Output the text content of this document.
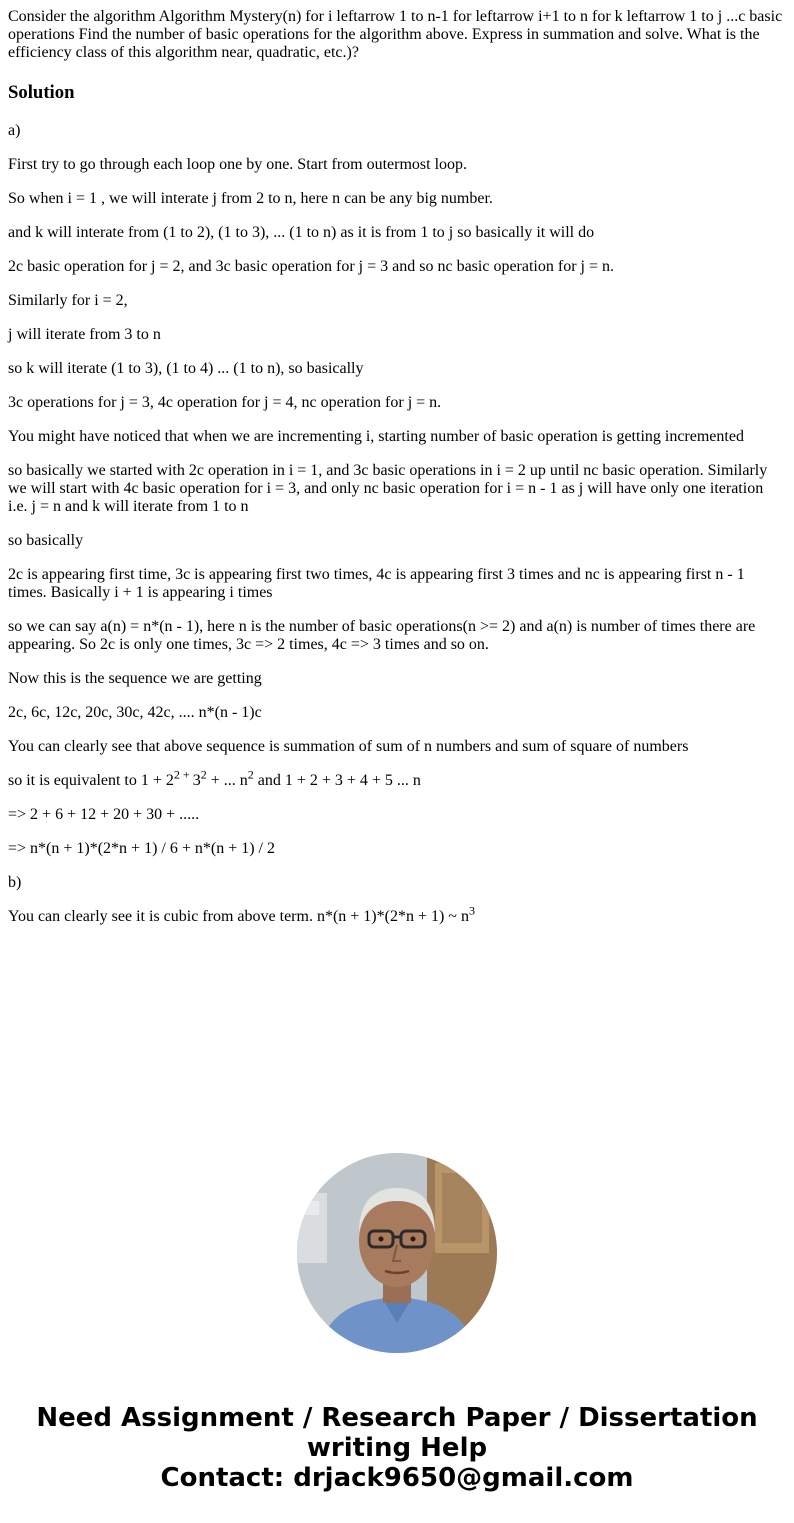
Consider the algorithm Algorithm Mystery(n) for i leftarrow 1 to n-1 for leftarrow i+1 to n for k leftarrow 1 to j ...c basic operations Find the number of basic operations for the algorithm above. Express in summation and solve. What is the efficiency class of this algorithm near, quadratic, etc.)?
Solution

a)

First try to go through each loop one by one. Start from outermost loop.

So when i = 1 , we will interate j from 2 to n, here n can be any big number.

and k will interate from (1 to 2), (1 to 3), ... (1 to n) as it is from 1 to j so basically it will do

2c basic operation for j = 2, and 3c basic operation for j = 3 and so nc basic operation for j = n.

Similarly for i = 2,

j will iterate from 3 to n

so k will iterate (1 to 3), (1 to 4) ... (1 to n), so basically

3c operations for j = 3, 4c operation for j = 4, nc operation for j = n.

You might have noticed that when we are incrementing i, starting number of basic operation is getting incremented

so basically we started with 2c operation in i = 1, and 3c basic operations in i = 2 up until nc basic operation. Similarly we will start with 4c basic operation for i = 3, and only nc basic operation for i = n - 1 as j will have only one iteration i.e. j = n and k will iterate from 1 to n

so basically

2c is appearing first time, 3c is appearing first two times, 4c is appearing first 3 times and nc is appearing first n - 1 times. Basically i + 1 is appearing i times

so we can say a(n) = n*(n - 1), here n is the number of basic operations(n >= 2) and a(n) is number of times there are appearing. So 2c is only one times, 3c => 2 times, 4c => 3 times and so on.

Now this is the sequence we are getting

2c, 6c, 12c, 20c, 30c, 42c, .... n*(n - 1)c

You can clearly see that above sequence is summation of sum of n numbers and sum of square of numbers

so it is equivalent to $1 + 2^{2 +}$ $3^2$ + ... $n^2$ and 1 + 2 + 3 + 4 + 5 ... n

=> 2 + 6 + 12 + 20 + 30 + .....

=> n*(n + 1)*(2*n + 1) / 6 + n*(n + 1) / 2

b)

You can clearly see it is cubic from above term. n*(n + 1)*(2*n + 1) ~ $n^3$

Need Assignment / Research Paper / Dissertation
writing Help
Contact: drjack9650@gmail.com
